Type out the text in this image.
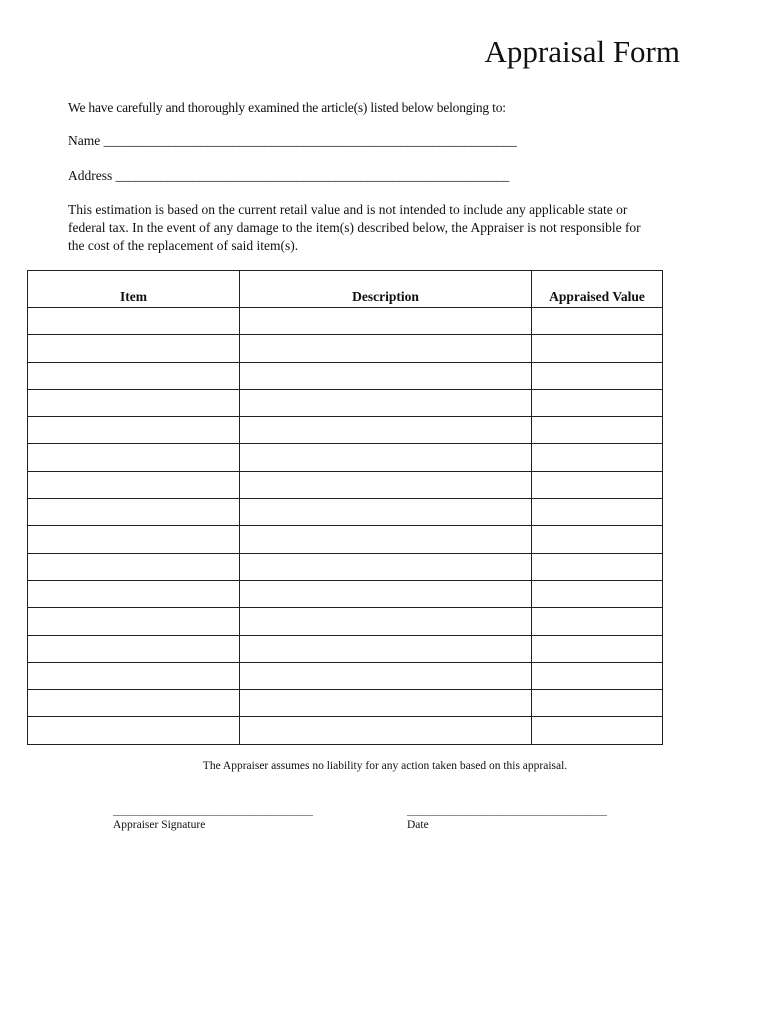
Appraisal Form
We have carefully and thoroughly examined the article(s) listed below belonging to:
Name ________________________________________________________________
Address _____________________________________________________________
This estimation is based on the current retail value and is not intended to include any applicable state or
federal tax. In the event of any damage to the item(s) described below, the Appraiser is not responsible for
the cost of the replacement of said item(s).
Item	Description	Appraised Value

The Appraiser assumes no liability for any action taken based on this appraisal.
______________________________________
Appraiser Signature
______________________________________
Date
